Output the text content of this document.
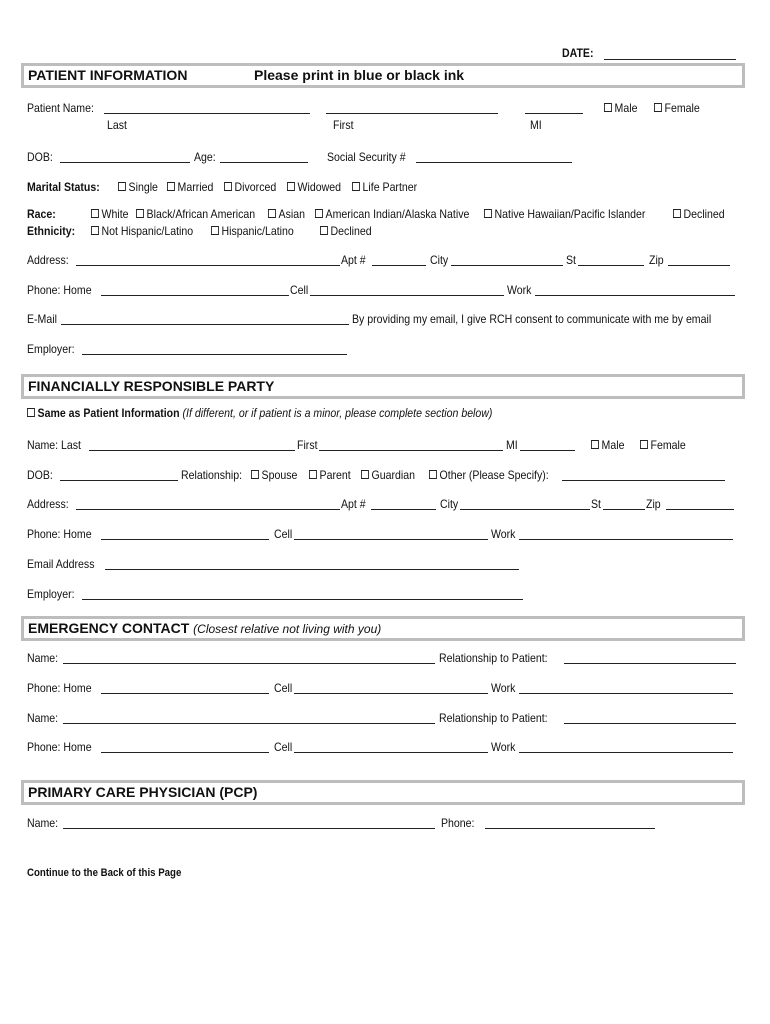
DATE:
PATIENT INFORMATION	Please print in blue or black ink
Patient Name:
Last	First	MI
Male	Female
DOB:	Age:	Social Security #
Marital Status:	Single	Married	Divorced	Widowed	Life Partner
Race:	White	Black/African American	Asian	American Indian/Alaska Native	Native Hawaiian/Pacific Islander	Declined
Ethnicity:	Not Hispanic/Latino	Hispanic/Latino	Declined
Address:	Apt #	City	St	Zip
Phone: Home	Cell	Work
E-Mail	By providing my email, I give RCH consent to communicate with me by email
Employer:
FINANCIALLY RESPONSIBLE PARTY
Same as Patient Information (If different, or if patient is a minor, please complete section below)
Name: Last	First	MI	Male	Female
DOB:	Relationship:	Spouse	Parent	Guardian	Other (Please Specify):
Address:	Apt #	City	St	Zip
Phone: Home	Cell	Work
Email Address
Employer:
EMERGENCY CONTACT (Closest relative not living with you)
Name:	Relationship to Patient:
Phone: Home	Cell	Work
Name:	Relationship to Patient:
Phone: Home	Cell	Work
PRIMARY CARE PHYSICIAN (PCP)
Name:	Phone:
Continue to the Back of this Page
